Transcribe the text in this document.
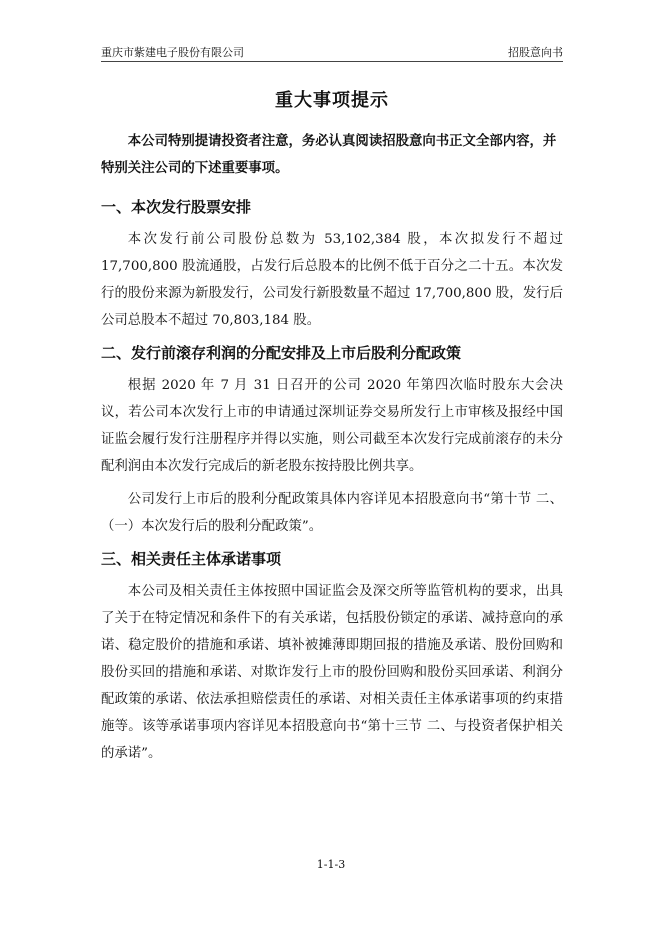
重庆市紫建电子股份有限公司	招股意向书
重大事项提示

本公司特别提请投资者注意，务必认真阅读招股意向书正文全部内容，并特别关注公司的下述重要事项。

一、本次发行股票安排

本次发行前公司股份总数为 53,102,384 股，本次拟发行不超过 17,700,800 股流通股，占发行后总股本的比例不低于百分之二十五。本次发行的股份来源为新股发行，公司发行新股数量不超过 17,700,800 股，发行后公司总股本不超过 70,803,184 股。

二、发行前滚存利润的分配安排及上市后股利分配政策

根据 2020 年 7 月 31 日召开的公司 2020 年第四次临时股东大会决议，若公司本次发行上市的申请通过深圳证券交易所发行上市审核及报经中国证监会履行发行注册程序并得以实施，则公司截至本次发行完成前滚存的未分配利润由本次发行完成后的新老股东按持股比例共享。

公司发行上市后的股利分配政策具体内容详见本招股意向书“第十节 二、（一）本次发行后的股利分配政策”。

三、相关责任主体承诺事项

本公司及相关责任主体按照中国证监会及深交所等监管机构的要求，出具了关于在特定情况和条件下的有关承诺，包括股份锁定的承诺、减持意向的承诺、稳定股价的措施和承诺、填补被摊薄即期回报的措施及承诺、股份回购和股份买回的措施和承诺、对欺诈发行上市的股份回购和股份买回承诺、利润分配政策的承诺、依法承担赔偿责任的承诺、对相关责任主体承诺事项的约束措施等。该等承诺事项内容详见本招股意向书“第十三节 二、与投资者保护相关的承诺”。

1-1-3
